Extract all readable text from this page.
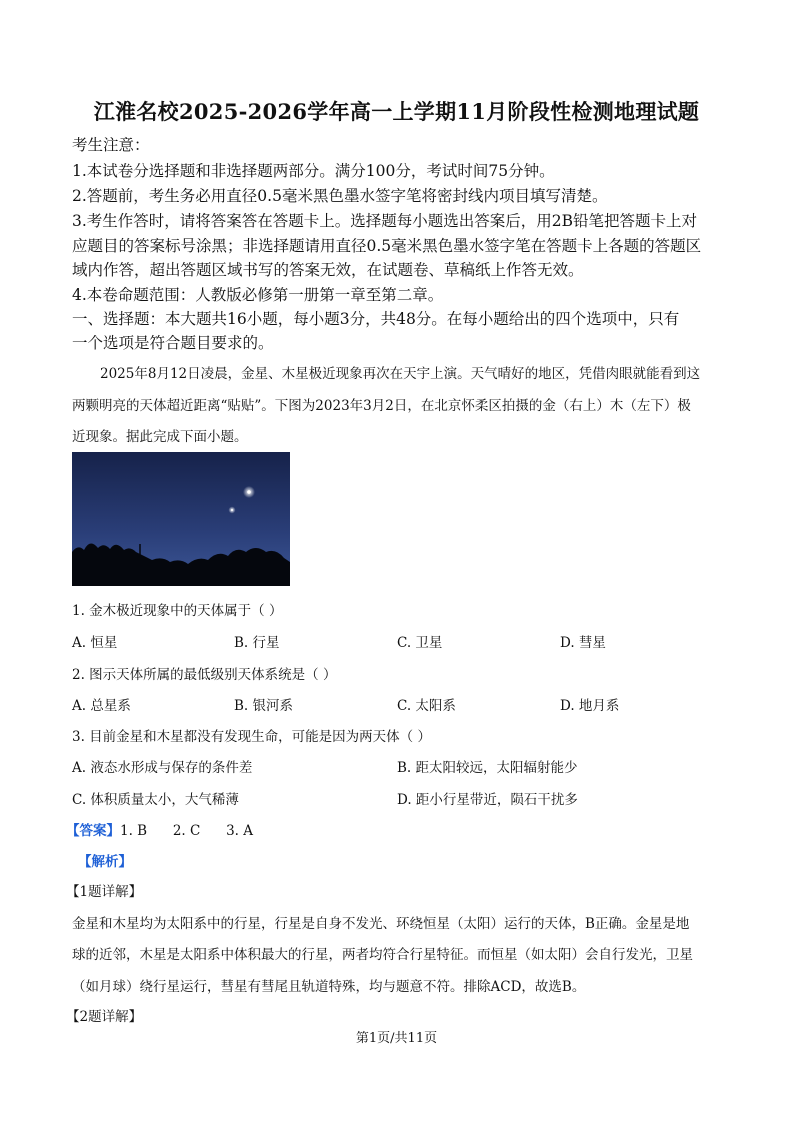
江淮名校2025-2026学年高一上学期11月阶段性检测地理试题
考生注意：
1.本试卷分选择题和非选择题两部分。满分100分，考试时间75分钟。
2.答题前，考生务必用直径0.5毫米黑色墨水签字笔将密封线内项目填写清楚。
3.考生作答时，请将答案答在答题卡上。选择题每小题选出答案后，用2B铅笔把答题卡上对
应题目的答案标号涂黑；非选择题请用直径0.5毫米黑色墨水签字笔在答题卡上各题的答题区
域内作答，超出答题区域书写的答案无效，在试题卷、草稿纸上作答无效。
4.本卷命题范围：人教版必修第一册第一章至第二章。
一、选择题：本大题共16小题，每小题3分，共48分。在每小题给出的四个选项中，只有
一个选项是符合题目要求的。
2025年8月12日凌晨，金星、木星极近现象再次在天宇上演。天气晴好的地区，凭借肉眼就能看到这
两颗明亮的天体超近距离“贴贴”。下图为2023年3月2日，在北京怀柔区拍摄的金（右上）木（左下）极
近现象。据此完成下面小题。
1. 金木极近现象中的天体属于（ ）
A. 恒星	B. 行星	C. 卫星	D. 彗星
2. 图示天体所属的最低级别天体系统是（ ）
A. 总星系	B. 银河系	C. 太阳系	D. 地月系
3. 目前金星和木星都没有发现生命，可能是因为两天体（ ）
A. 液态水形成与保存的条件差	B. 距太阳较远，太阳辐射能少
C. 体积质量太小，大气稀薄	D. 距小行星带近，陨石干扰多
【答案】1. B      2. C      3. A
【解析】
【1题详解】
金星和木星均为太阳系中的行星，行星是自身不发光、环绕恒星（太阳）运行的天体，B正确。金星是地
球的近邻，木星是太阳系中体积最大的行星，两者均符合行星特征。而恒星（如太阳）会自行发光，卫星
（如月球）绕行星运行，彗星有彗尾且轨道特殊，均与题意不符。排除ACD，故选B。
【2题详解】
第1页/共11页
